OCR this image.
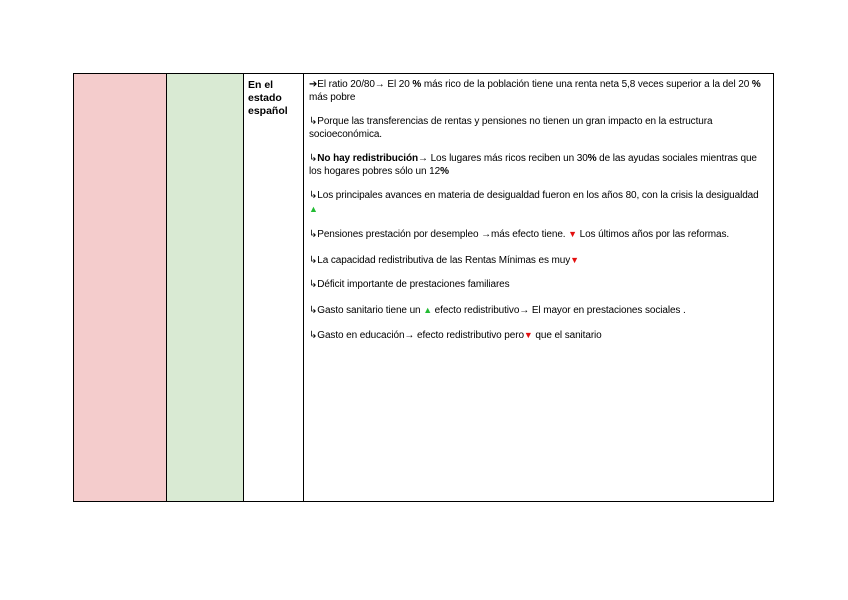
En el estado español

➔El ratio 20/80→ El 20 % más rico de la población tiene una renta neta 5,8 veces superior a la del 20 % más pobre

↳Porque las transferencias de rentas y pensiones no tienen un gran impacto en la estructura socioeconómica.

↳No hay redistribución→ Los lugares más ricos reciben un 30% de las ayudas sociales mientras que los hogares pobres sólo un 12%

↳Los principales avances en materia de desigualdad fueron en los años 80, con la crisis la desigualdad ▲

↳Pensiones prestación por desempleo →más efecto tiene. ▼ Los últimos años por las reformas.

↳La capacidad redistributiva de las Rentas Mínimas es muy▼

↳Déficit importante de prestaciones familiares

↳Gasto sanitario tiene un ▲ efecto redistributivo→ El mayor en prestaciones sociales .

↳Gasto en educación→ efecto redistributivo pero▼ que el sanitario
